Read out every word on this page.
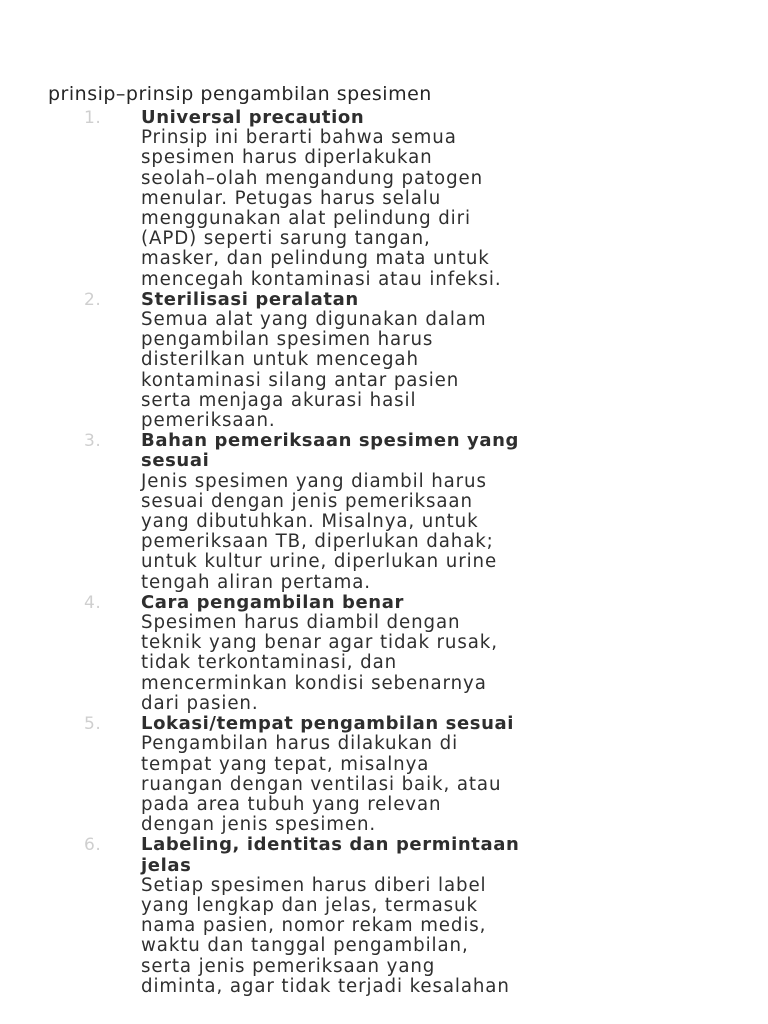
prinsip–prinsip pengambilan spesimen
1. Universal precaution
Prinsip ini berarti bahwa semua
spesimen harus diperlakukan
seolah–olah mengandung patogen
menular. Petugas harus selalu
menggunakan alat pelindung diri
(APD) seperti sarung tangan,
masker, dan pelindung mata untuk
mencegah kontaminasi atau infeksi.
2. Sterilisasi peralatan
Semua alat yang digunakan dalam
pengambilan spesimen harus
disterilkan untuk mencegah
kontaminasi silang antar pasien
serta menjaga akurasi hasil
pemeriksaan.
3. Bahan pemeriksaan spesimen yang
sesuai
Jenis spesimen yang diambil harus
sesuai dengan jenis pemeriksaan
yang dibutuhkan. Misalnya, untuk
pemeriksaan TB, diperlukan dahak;
untuk kultur urine, diperlukan urine
tengah aliran pertama.
4. Cara pengambilan benar
Spesimen harus diambil dengan
teknik yang benar agar tidak rusak,
tidak terkontaminasi, dan
mencerminkan kondisi sebenarnya
dari pasien.
5. Lokasi/tempat pengambilan sesuai
Pengambilan harus dilakukan di
tempat yang tepat, misalnya
ruangan dengan ventilasi baik, atau
pada area tubuh yang relevan
dengan jenis spesimen.
6. Labeling, identitas dan permintaan
jelas
Setiap spesimen harus diberi label
yang lengkap dan jelas, termasuk
nama pasien, nomor rekam medis,
waktu dan tanggal pengambilan,
serta jenis pemeriksaan yang
diminta, agar tidak terjadi kesalahan
